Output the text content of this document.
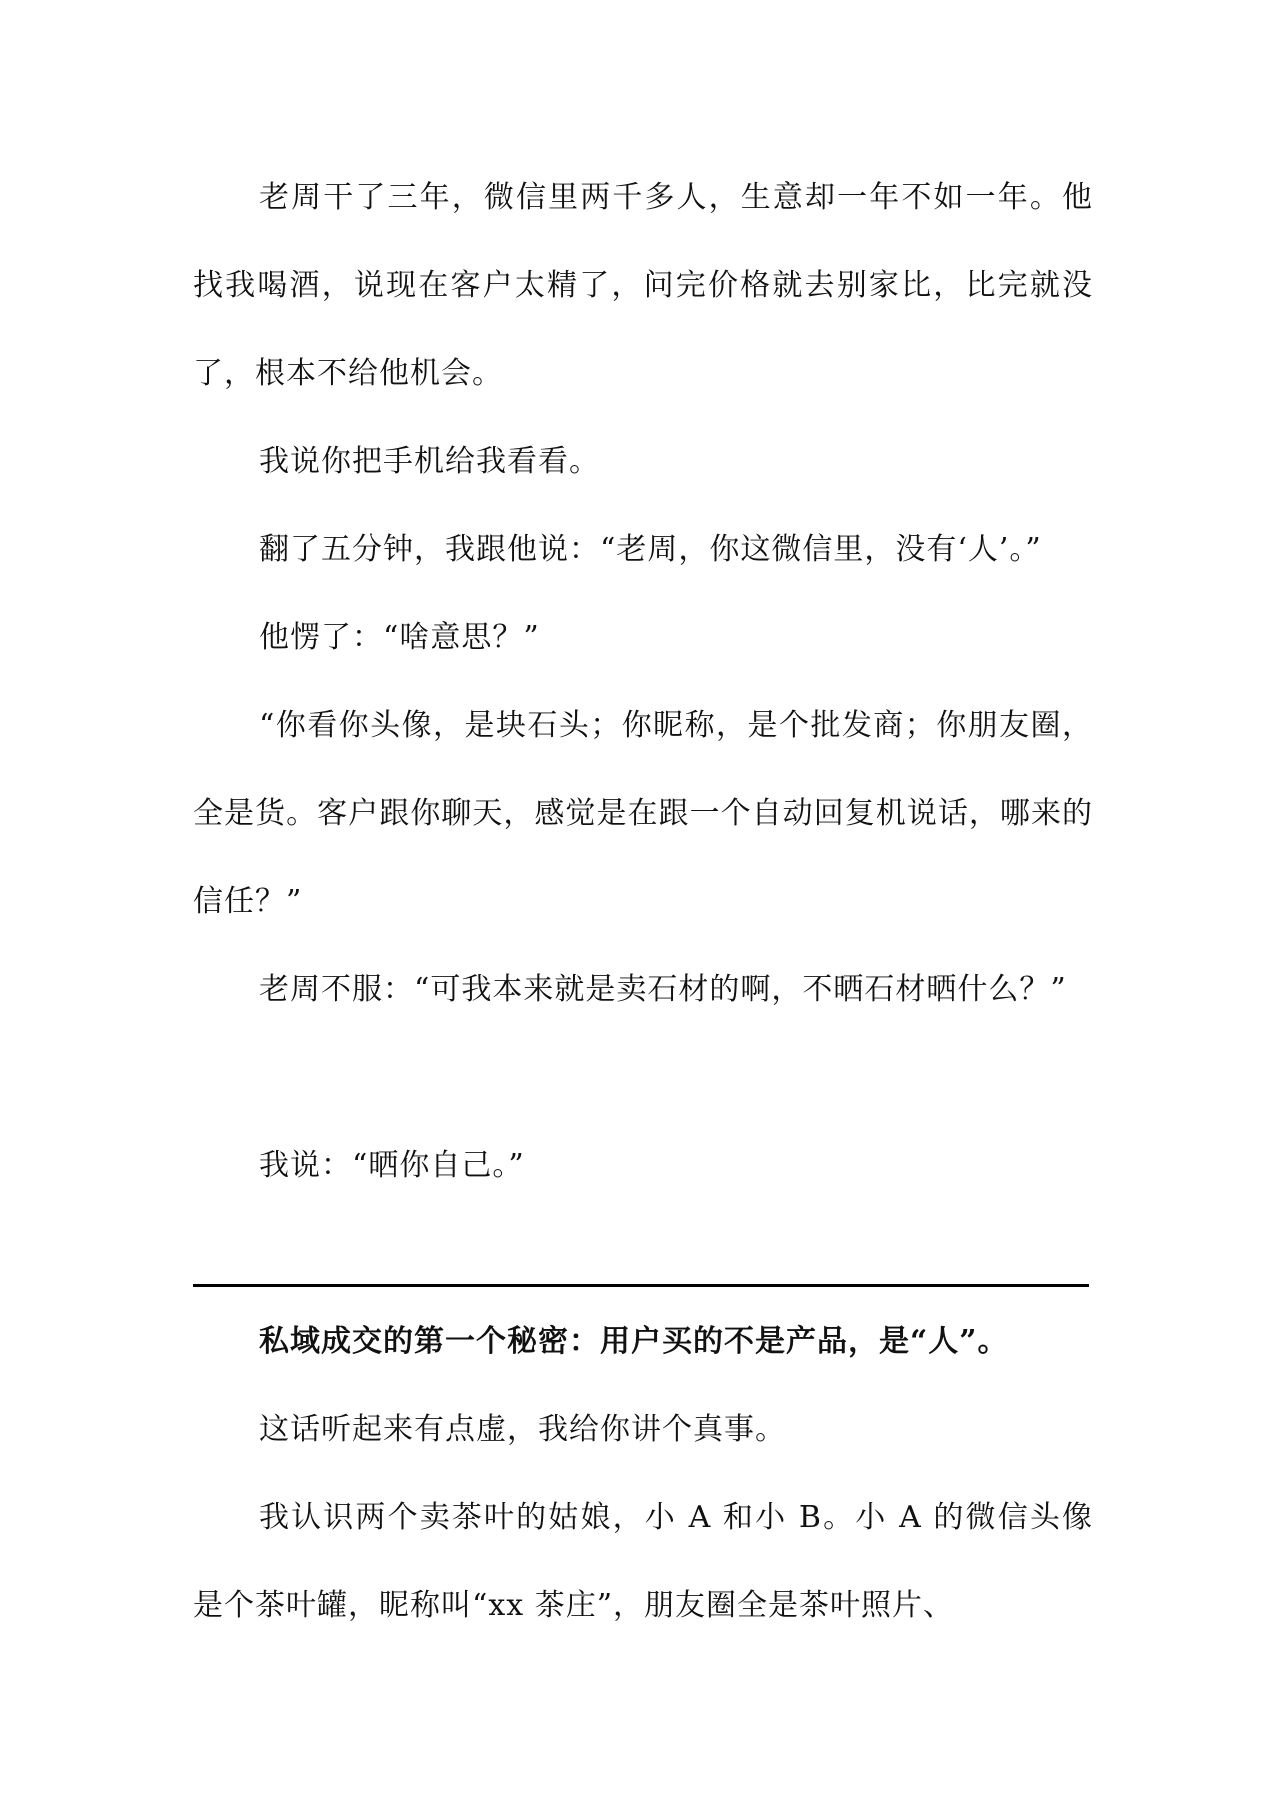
老周干了三年，微信里两千多人，生意却一年不如一年。他找我喝酒，说现在客户太精了，问完价格就去别家比，比完就没了，根本不给他机会。

我说你把手机给我看看。

翻了五分钟，我跟他说：“老周，你这微信里，没有‘人’。”

他愣了：“啥意思？”

“你看你头像，是块石头；你昵称，是个批发商；你朋友圈，全是货。客户跟你聊天，感觉是在跟一个自动回复机说话，哪来的信任？”

老周不服：“可我本来就是卖石材的啊，不晒石材晒什么？”

我说：“晒你自己。”

私域成交的第一个秘密：用户买的不是产品，是“人”。

这话听起来有点虚，我给你讲个真事。

我认识两个卖茶叶的姑娘，小 A 和小 B。小 A 的微信头像是个茶叶罐，昵称叫“xx 茶庄”，朋友圈全是茶叶照片、
